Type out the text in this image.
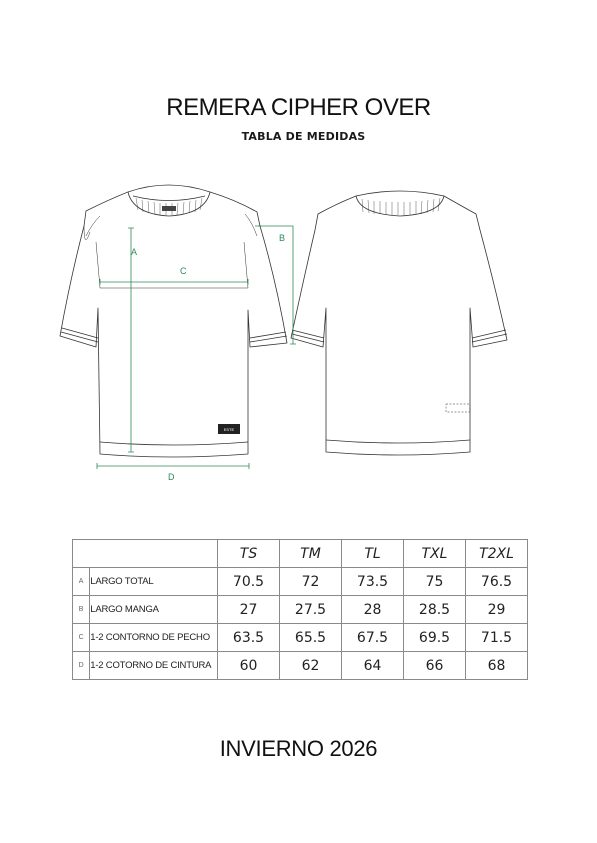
REMERA CIPHER OVER
TABLA DE MEDIDAS
A
B
C
D
ESTE
		TS	TM	TL	TXL	T2XL
A	LARGO TOTAL	70.5	72	73.5	75	76.5
B	LARGO MANGA	27	27.5	28	28.5	29
C	1-2 CONTORNO DE PECHO	63.5	65.5	67.5	69.5	71.5
D	1-2 COTORNO DE CINTURA	60	62	64	66	68
INVIERNO 2026
